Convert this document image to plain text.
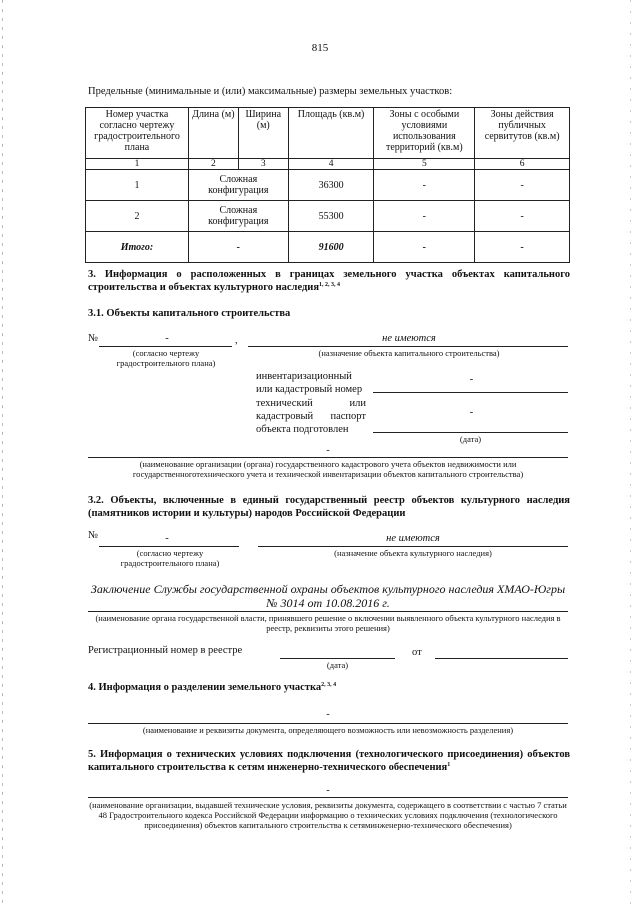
815
Предельные (минимальные и (или) максимальные) размеры земельных участков:
Номер участка согласно чертежу градостроительного плана	Длина (м)	Ширина (м)	Площадь (кв.м)	Зоны с особыми условиями использования территорий (кв.м)	Зоны действия публичных сервитутов (кв.м)
1	2	3	4	5	6
1	Сложная конфигурация		36300	-	-
2	Сложная конфигурация		55300	-	-
Итого:	-		91600	-	-
3. Информация о расположенных в границах земельного участка объектах капитального строительства и объектах культурного наследия$^{1, 2, 3, 4}$
3.1. Объекты капитального строительства
№	-	,	не имеются
(согласно чертежу градостроительного плана)
(назначение объекта капитального строительства)
инвентаризационный или кадастровый номер
-
технический или кадастровый паспорт объекта подготовлен
-
(дата)
-
(наименование организации (органа) государственного кадастрового учета объектов недвижимости или государственноготехнического учета и технической инвентаризации объектов капитального строительства)
3.2. Объекты, включенные в единый государственный реестр объектов культурного наследия (памятников истории и культуры) народов Российской Федерации
№	-	не имеются
(согласно чертежу градостроительного плана)
(назначение объекта культурного наследия)
Заключение Службы государственной охраны объектов культурного наследия ХМАО-Югры № 3014 от 10.08.2016 г.
(наименование органа государственной власти, принявшего решение о включении выявленного объекта культурного наследия в реестр, реквизиты этого решения)
Регистрационный номер в реестре	от
(дата)
4. Информация о разделении земельного участка$^{2, 3, 4}$
-
(наименование и реквизиты документа, определяющего возможность или невозможность разделения)
5. Информация о технических условиях подключения (технологического присоединения) объектов капитального строительства к сетям инженерно-технического обеспечения$^1$
-
(наименование организации, выдавшей технические условия, реквизиты документа, содержащего в соответствии с частью 7 статьи 48 Градостроительного кодекса Российской Федерации информацию о технических условиях подключения (технологического присоединения) объектов капитального строительства к сетяминженерно-технического обеспечения)
